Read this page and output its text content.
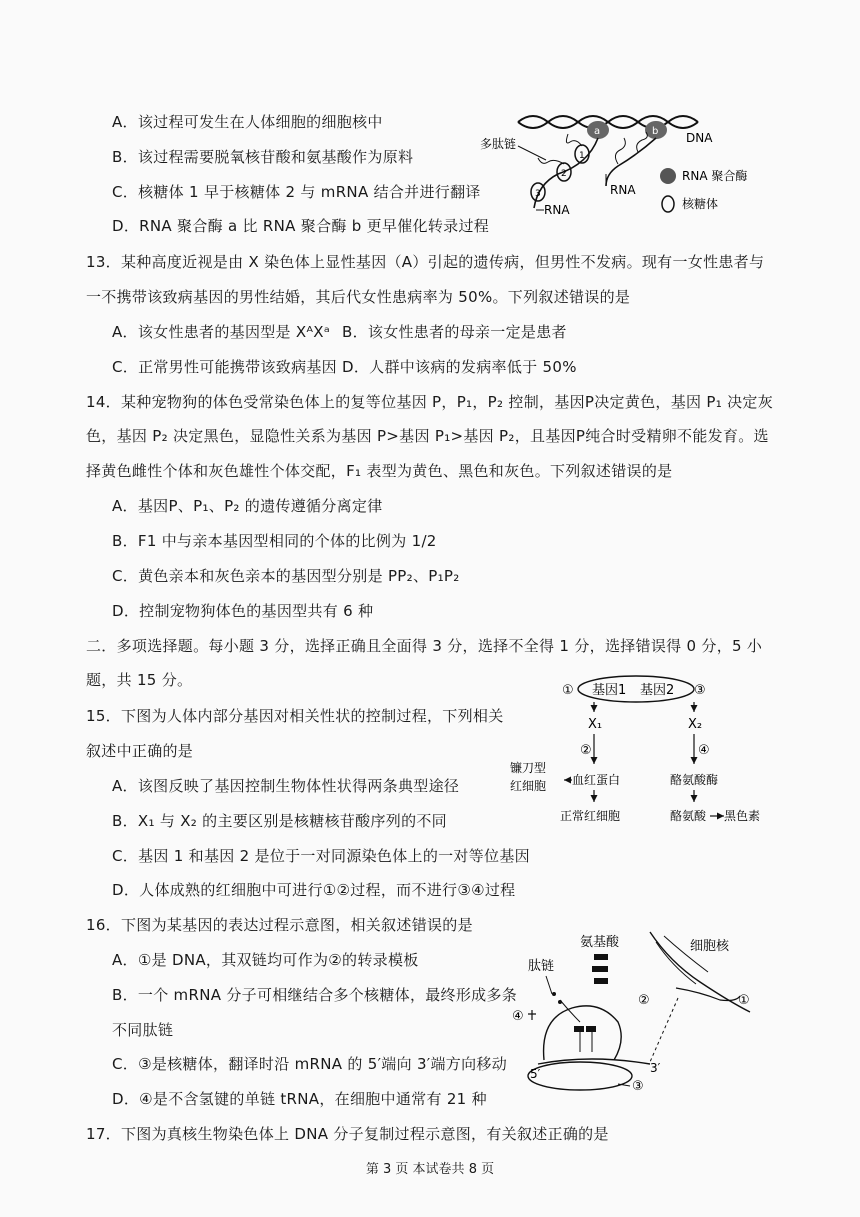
A．该过程可发生在人体细胞的细胞核中
B．该过程需要脱氧核苷酸和氨基酸作为原料
C．核糖体 1 早于核糖体 2 与 mRNA 结合并进行翻译
D．RNA 聚合酶 a 比 RNA 聚合酶 b 更早催化转录过程
a	b DNA
2
3
1
多肽链
RNA
RNA
RNA 聚合酶
核糖体
13．某种高度近视是由 X 染色体上显性基因（A）引起的遗传病，但男性不发病。现有一女性患者与
一不携带该致病基因的男性结婚，其后代女性患病率为 50%。下列叙述错误的是
A．该女性患者的基因型是 XᴬXᵃ B．该女性患者的母亲一定是患者
C．正常男性可能携带该致病基因 D．人群中该病的发病率低于 50%
14．某种宠物狗的体色受常染色体上的复等位基因 P，P₁，P₂ 控制，基因P决定黄色，基因 P₁ 决定灰
色，基因 P₂ 决定黑色，显隐性关系为基因 P>基因 P₁>基因 P₂，且基因P纯合时受精卵不能发育。选
择黄色雌性个体和灰色雄性个体交配，F₁ 表型为黄色、黑色和灰色。下列叙述错误的是
A．基因P、P₁、P₂ 的遗传遵循分离定律
B．F1 中与亲本基因型相同的个体的比例为 1/2
C．黄色亲本和灰色亲本的基因型分别是 PP₂、P₁P₂
D．控制宠物狗体色的基因型共有 6 种
二．多项选择题。每小题 3 分，选择正确且全面得 3 分，选择不全得 1 分，选择错误得 0 分，5 小
题，共 15 分。
15．下图为人体内部分基因对相关性状的控制过程，下列相关
叙述中正确的是
A．该图反映了基因控制生物体性状得两条典型途径
B．X₁ 与 X₂ 的主要区别是核糖核苷酸序列的不同
C．基因 1 和基因 2 是位于一对同源染色体上的一对等位基因
D．人体成熟的红细胞中可进行①②过程，而不进行③④过程
① 基因1 基因2 ③
X₁	X₂
②	④
镰刀型
红细胞 血红蛋白	酪氨酸酶
正常红细胞	酪氨酸 黑色素
16．下图为某基因的表达过程示意图，相关叙述错误的是
A．①是 DNA，其双链均可作为②的转录模板
B．一个 mRNA 分子可相继结合多个核糖体，最终形成多条
不同肽链
C．③是核糖体，翻译时沿 mRNA 的 5′端向 3′端方向移动
D．④是不含氢键的单链 tRNA，在细胞中通常有 21 种
氨基酸
肽链
细胞核
①
②
④
5′	3′
③
17．下图为真核生物染色体上 DNA 分子复制过程示意图，有关叙述正确的是
第 3 页 本试卷共 8 页
